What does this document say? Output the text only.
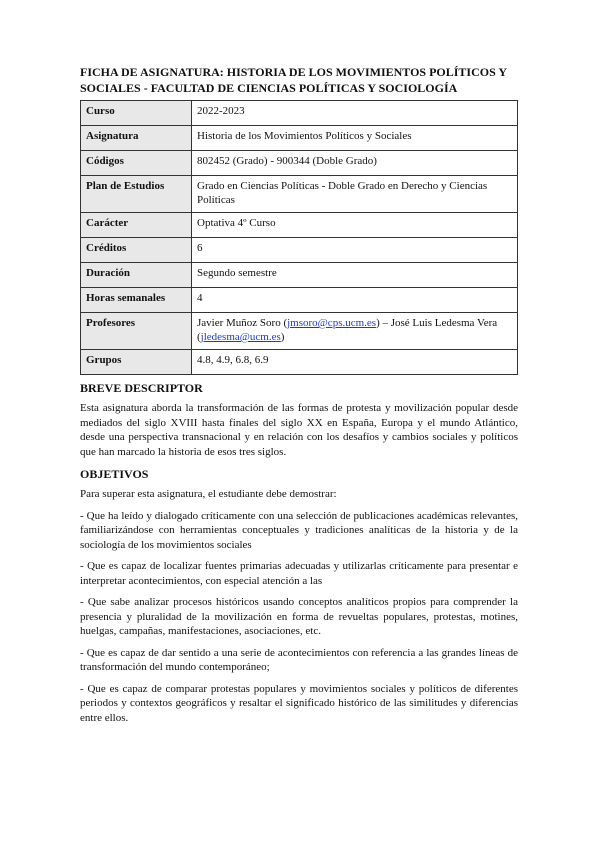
FICHA DE ASIGNATURA: HISTORIA DE LOS MOVIMIENTOS POLÍTICOS Y SOCIALES - FACULTAD DE CIENCIAS POLÍTICAS Y SOCIOLOGÍA
Curso	2022-2023
Asignatura	Historia de los Movimientos Políticos y Sociales
Códigos	802452 (Grado) - 900344 (Doble Grado)
Plan de Estudios	Grado en Ciencias Políticas - Doble Grado en Derecho y Ciencias Políticas
Carácter	Optativa 4º Curso
Créditos	6
Duración	Segundo semestre
Horas semanales	4
Profesores	Javier Muñoz Soro (jmsoro@cps.ucm.es) – José Luis Ledesma Vera (jledesma@ucm.es)
Grupos	4.8, 4.9, 6.8, 6.9
BREVE DESCRIPTOR

Esta asignatura aborda la transformación de las formas de protesta y movilización popular desde mediados del siglo XVIII hasta finales del siglo XX en España, Europa y el mundo Atlántico, desde una perspectiva transnacional y en relación con los desafíos y cambios sociales y políticos que han marcado la historia de esos tres siglos.

OBJETIVOS

Para superar esta asignatura, el estudiante debe demostrar:

- Que ha leído y dialogado críticamente con una selección de publicaciones académicas relevantes, familiarizándose con herramientas conceptuales y tradiciones analíticas de la historia y de la sociología de los movimientos sociales

- Que es capaz de localizar fuentes primarias adecuadas y utilizarlas críticamente para presentar e interpretar acontecimientos, con especial atención a las

- Que sabe analizar procesos históricos usando conceptos analíticos propios para comprender la presencia y pluralidad de la movilización en forma de revueltas populares, protestas, motines, huelgas, campañas, manifestaciones, asociaciones, etc.

- Que es capaz de dar sentido a una serie de acontecimientos con referencia a las grandes líneas de transformación del mundo contemporáneo;

- Que es capaz de comparar protestas populares y movimientos sociales y políticos de diferentes periodos y contextos geográficos y resaltar el significado histórico de las similitudes y diferencias entre ellos.
